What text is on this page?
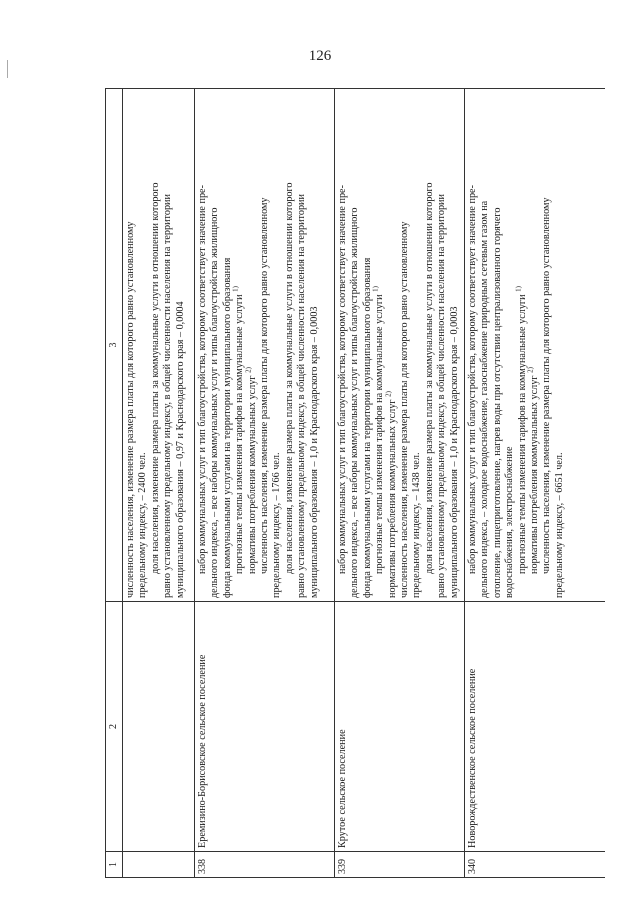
126
1
2
3 численность населения, изменение размера платы для которого равно установленному предельному индексу, – 2400 чел. доля населения, изменение размера платы за коммунальные услуги в отношении которого равно установленному предельному индексу, в общей численности населения на территории муниципального образования – 0,97 и Краснодарского края – 0,0004
338
Еремизино-Борисовское сельское поселение
набор коммунальных услуг и тип благоустройства, которому соответствует значение пре- дельного индекса, – все наборы коммунальных услуг и типы благоустройства жилищного фонда коммунальными услугами на территории муниципального образования прогнозные темпы изменения тарифов на коммунальные услуги $^{1)}$
нормативы потребления коммунальных услуг $^{2)}$ численность населения, изменение размера платы для которого равно установленному предельному индексу, – 1766 чел. доля населения, изменение размера платы за коммунальные услуги в отношении которого равно установленному предельному индексу, в общей численности населения на территории муниципального образования – 1,0 и Краснодарского края – 0,0003
339
Крутое сельское поселение
набор коммунальных услуг и тип благоустройства, которому соответствует значение пре- дельного индекса, – все наборы коммунальных услуг и типы благоустройства жилищного фонда коммунальными услугами на территории муниципального образования прогнозные темпы изменения тарифов на коммунальные услуги $^{1)}$
нормативы потребления коммунальных услуг $^{2)}$ численность населения, изменение размера платы для которого равно установленному предельному индексу, – 1438 чел. доля населения, изменение размера платы за коммунальные услуги в отношении которого равно установленному предельному индексу, в общей численности населения на территории муниципального образования – 1,0 и Краснодарского края – 0,0003
340
Новорождественское сельское поселение
набор коммунальных услуг и тип благоустройства, которому соответствует значение пре- дельного индекса, – холодное водоснабжение, газоснабжение природным сетевым газом на отопление, пищеприготовление, нагрев воды при отсутствии централизованного горячего водоснабжения, электроснабжение прогнозные темпы изменения тарифов на коммунальные услуги $^{1)}$
нормативы потребления коммунальных услуг $^{2)}$ численность населения, изменение размера платы для которого равно установленному предельному индексу, – 6651 чел.
